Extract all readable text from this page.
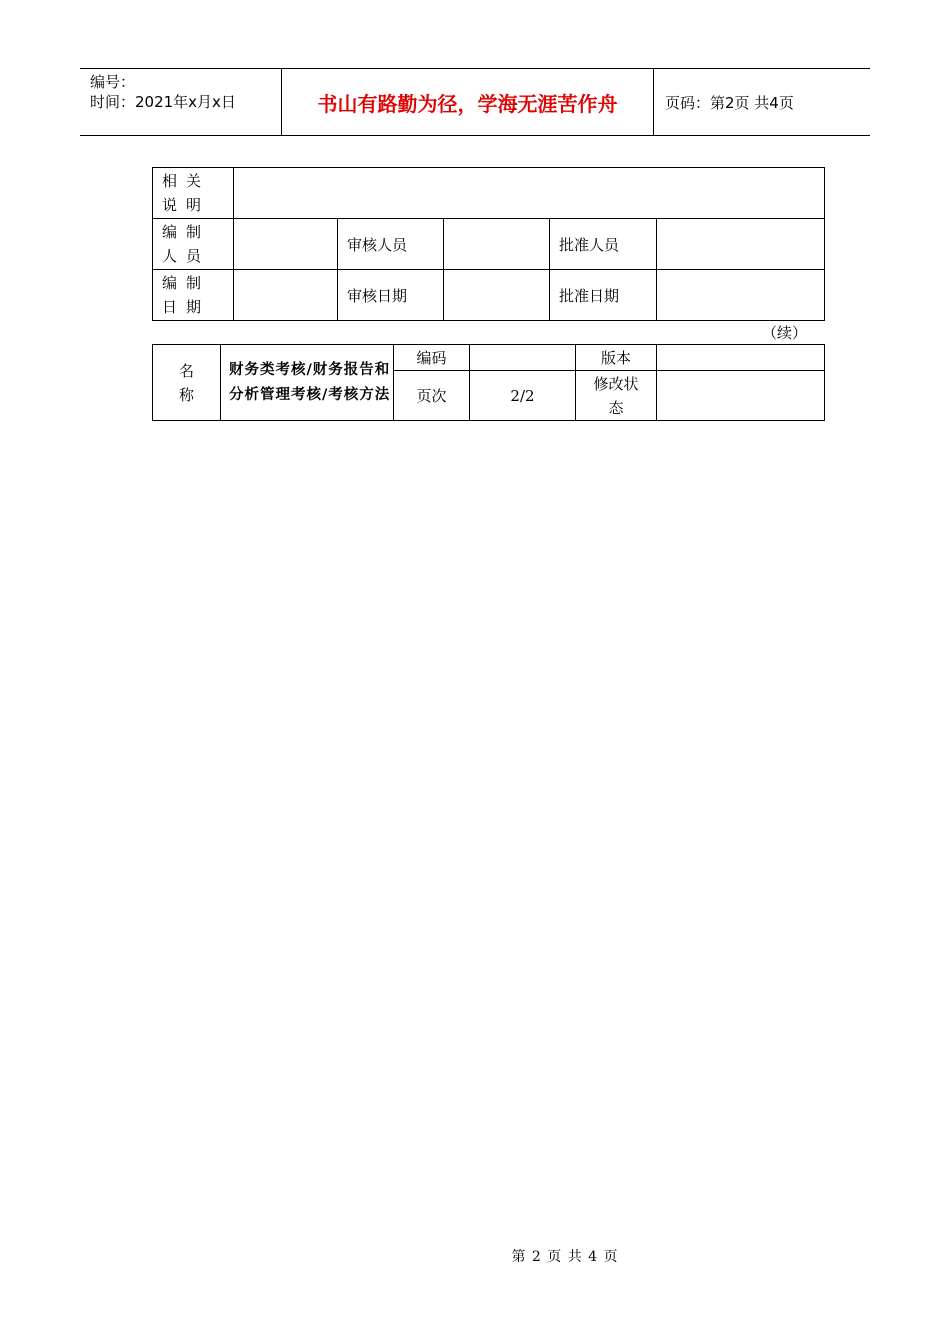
编号：
时间：2021年x月x日	书山有路勤为径，学海无涯苦作舟	页码：第2页 共4页
相关说明					
编制人员		审核人员		批准人员	
编制日期		审核日期		批准日期	
（续）
名称	财务类考核/财务报告和分析管理考核/考核方法	编码		版本	
		页次	2/2	修改状态	
第 2 页 共 4 页
